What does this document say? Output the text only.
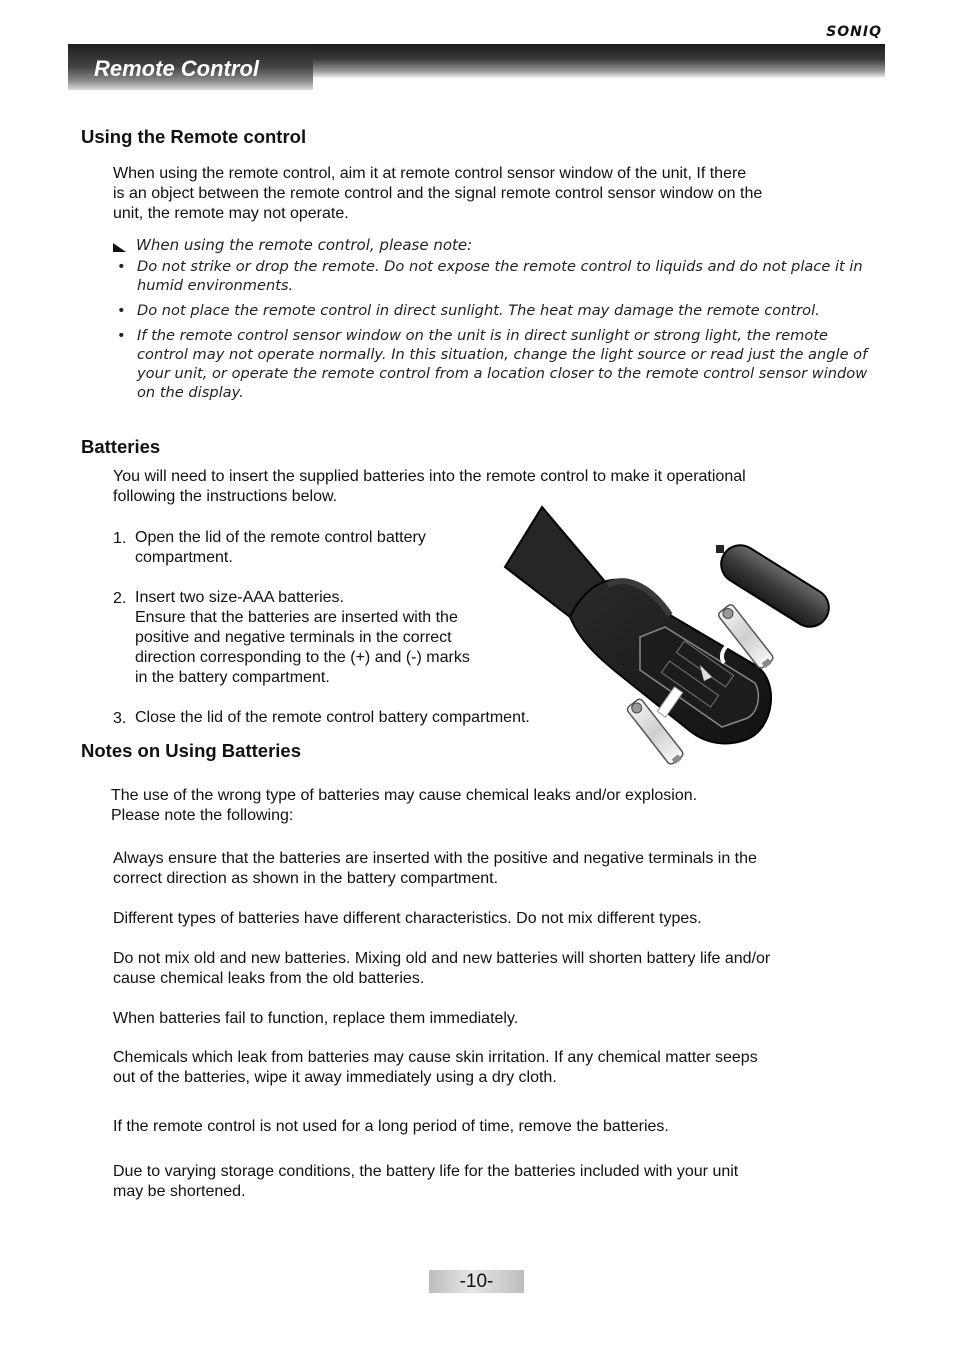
SONIQ
Remote Control
Using the Remote control
When using the remote control, aim it at remote control sensor window of the unit, If there
is an object between the remote control and the signal remote control sensor window on the
unit, the remote may not operate.
When using the remote control, please note:
• Do not strike or drop the remote. Do not expose the remote control to liquids and do not place it in humid environments.
• Do not place the remote control in direct sunlight. The heat may damage the remote control.
• If the remote control sensor window on the unit is in direct sunlight or strong light, the remote control may not operate normally. In this situation, change the light source or read just the angle of your unit, or operate the remote control from a location closer to the remote control sensor window on the display.
Batteries
You will need to insert the supplied batteries into the remote control to make it operational
following the instructions below.
1. Open the lid of the remote control battery
compartment.
2. Insert two size-AAA batteries.
Ensure that the batteries are inserted with the
positive and negative terminals in the correct
direction corresponding to the (+) and (-) marks
in the battery compartment.
3. Close the lid of the remote control battery compartment.
Notes on Using Batteries
The use of the wrong type of batteries may cause chemical leaks and/or explosion.
Please note the following:

Always ensure that the batteries are inserted with the positive and negative terminals in the
correct direction as shown in the battery compartment.

Different types of batteries have different characteristics. Do not mix different types.

Do not mix old and new batteries. Mixing old and new batteries will shorten battery life and/or
cause chemical leaks from the old batteries.

When batteries fail to function, replace them immediately.

Chemicals which leak from batteries may cause skin irritation. If any chemical matter seeps
out of the batteries, wipe it away immediately using a dry cloth.

If the remote control is not used for a long period of time, remove the batteries.

Due to varying storage conditions, the battery life for the batteries included with your unit
may be shortened.

-10-
